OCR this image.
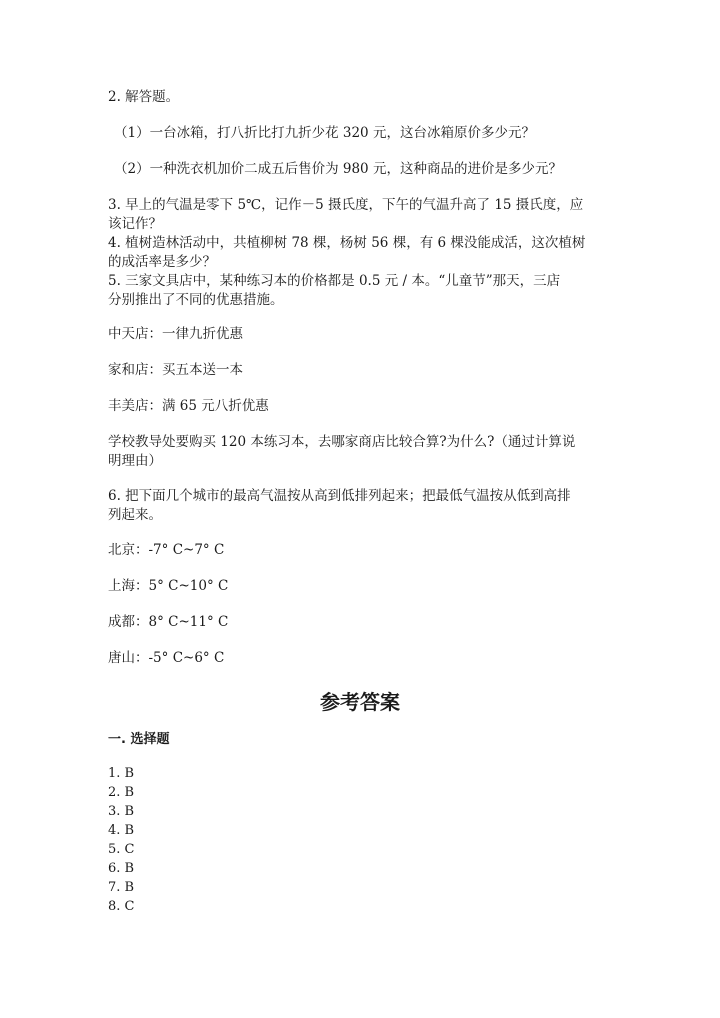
2. 解答题。
（1）一台冰箱，打八折比打九折少花 320 元，这台冰箱原价多少元？
（2）一种洗衣机加价二成五后售价为 980 元，这种商品的进价是多少元？
3. 早上的气温是零下 5℃，记作－5 摄氏度，下午的气温升高了 15 摄氏度，应
该记作？
4. 植树造林活动中，共植柳树 78 棵，杨树 56 棵，有 6 棵没能成活，这次植树
的成活率是多少？
5. 三家文具店中，某种练习本的价格都是 0.5 元 / 本。“儿童节”那天，三店
分别推出了不同的优惠措施。
中天店：一律九折优惠
家和店：买五本送一本
丰美店：满 65 元八折优惠
学校教导处要购买 120 本练习本，去哪家商店比较合算?为什么?（通过计算说
明理由）
6. 把下面几个城市的最高气温按从高到低排列起来；把最低气温按从低到高排
列起来。
北京：-7° C~7° C
上海：5° C~10° C
成都：8° C~11° C
唐山：-5° C~6° C
参考答案
一. 选择题
1. B
2. B
3. B
4. B
5. C
6. B
7. B
8. C
